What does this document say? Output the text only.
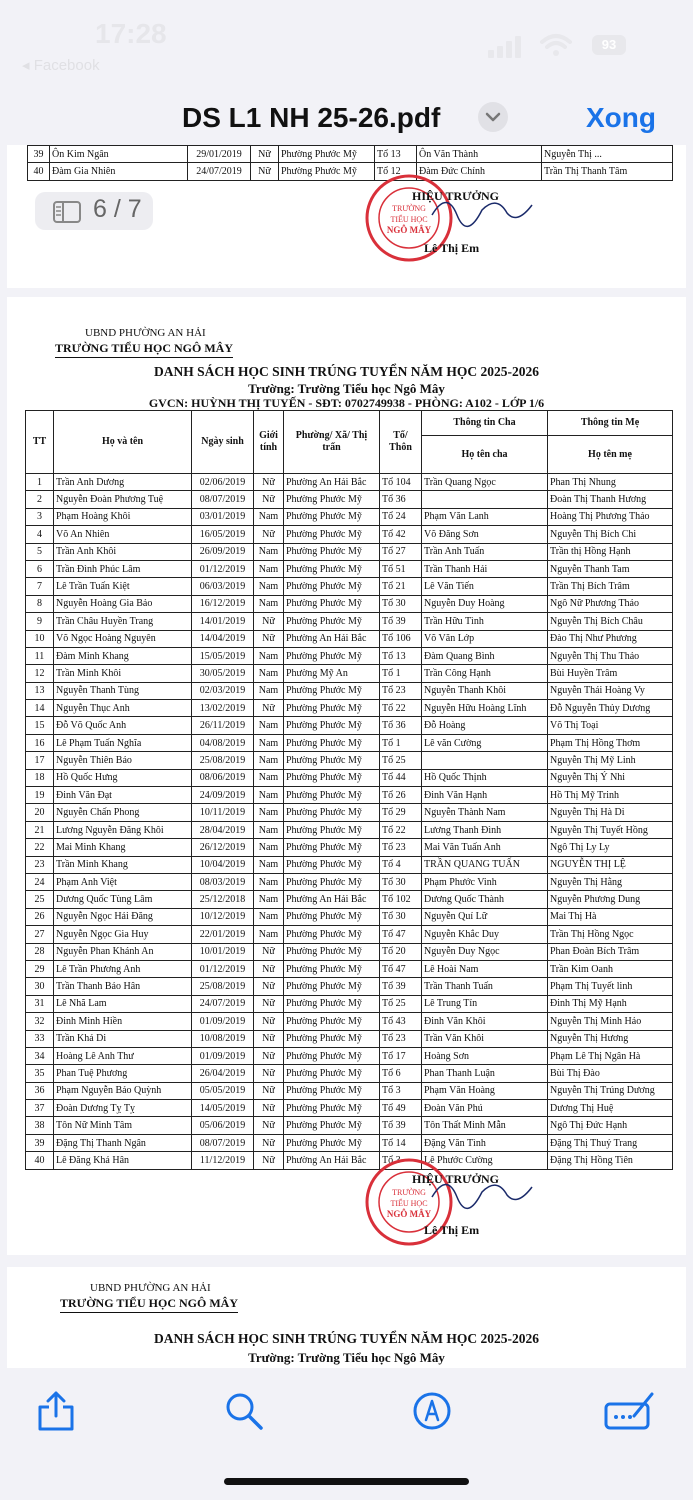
17:28
◂ Facebook
93
DS L1 NH 25-26.pdf	Xong
39	Ôn Kim Ngân	29/01/2019	Nữ	Phường Phước Mỹ	Tổ 13	Ôn Văn Thành	Nguyễn Thị ...
40	Đàm Gia Nhiên	24/07/2019	Nữ	Phường Phước Mỹ	Tổ 12	Đàm Đức Chính	Trần Thị Thanh Tâm
TRƯỜNG
TIỂU HỌC
NGÔ MÂY
HIỆU TRƯỞNG
Lê Thị Em
6 / 7
UBND PHƯỜNG AN HẢI
TRƯỜNG TIỂU HỌC NGÔ MÂY
DANH SÁCH HỌC SINH TRÚNG TUYỂN NĂM HỌC 2025-2026
Trường: Trường Tiểu học Ngô Mây
GVCN: HUỲNH THỊ TUYẾN - SĐT: 0702749938 - PHÒNG: A102 - LỚP 1/6
TT	Họ và tên	Ngày sinh	Giới tính	Phường/ Xã/ Thị trấn	Tổ/ Thôn	Thông tin Cha	Thông tin Mẹ
						Họ tên cha	Họ tên mẹ
1	Trần Anh Dương	02/06/2019	Nữ	Phường An Hải Bắc	Tổ 104	Trần Quang Ngọc	Phan Thị Nhung
2	Nguyễn Đoàn Phương Tuệ	08/07/2019	Nữ	Phường Phước Mỹ	Tổ 36		Đoàn Thị Thanh Hương
3	Phạm Hoàng Khôi	03/01/2019	Nam	Phường Phước Mỹ	Tổ 24	Phạm Văn Lanh	Hoàng Thị Phương Thảo
4	Võ An Nhiên	16/05/2019	Nữ	Phường Phước Mỹ	Tổ 42	Võ Đăng Sơn	Nguyễn Thị Bích Chi
5	Trần Anh Khôi	26/09/2019	Nam	Phường Phước Mỹ	Tổ 27	Trần Anh Tuấn	Trần thị Hồng Hạnh
6	Trần Đình Phúc Lâm	01/12/2019	Nam	Phường Phước Mỹ	Tổ 51	Trần Thanh Hải	Nguyễn Thanh Tam
7	Lê Trần Tuấn Kiệt	06/03/2019	Nam	Phường Phước Mỹ	Tổ 21	Lê Văn Tiến	Trần Thị Bích Trâm
8	Nguyễn Hoàng Gia Bảo	16/12/2019	Nam	Phường Phước Mỹ	Tổ 30	Nguyễn Duy Hoàng	Ngô Nữ Phương Thảo
9	Trần Châu Huyền Trang	14/01/2019	Nữ	Phường Phước Mỹ	Tổ 39	Trần Hữu Tình	Nguyễn Thị Bích Châu
10	Võ Ngọc Hoàng Nguyên	14/04/2019	Nữ	Phường An Hải Bắc	Tổ 106	Võ Văn Lớp	Đào Thị Như Phương
11	Đàm Minh Khang	15/05/2019	Nam	Phường Phước Mỹ	Tổ 13	Đàm Quang Bình	Nguyễn Thị Thu Thảo
12	Trần Minh Khôi	30/05/2019	Nam	Phường Mỹ An	Tổ 1	Trần Công Hạnh	Bùi Huyền Trâm
13	Nguyễn Thanh Tùng	02/03/2019	Nam	Phường Phước Mỹ	Tổ 23	Nguyễn Thanh Khôi	Nguyễn Thái Hoàng Vy
14	Nguyễn Thục Anh	13/02/2019	Nữ	Phường Phước Mỹ	Tổ 22	Nguyễn Hữu Hoàng Lĩnh	Đỗ Nguyễn Thủy Dương
15	Đỗ Võ Quốc Anh	26/11/2019	Nam	Phường Phước Mỹ	Tổ 36	Đỗ Hoàng	Võ Thị Toại
16	Lê Phạm Tuấn Nghĩa	04/08/2019	Nam	Phường Phước Mỹ	Tổ 1	Lê văn Cường	Phạm Thị Hồng Thơm
17	Nguyễn Thiên Bảo	25/08/2019	Nam	Phường Phước Mỹ	Tổ 25		Nguyễn Thị Mỹ Linh
18	Hồ Quốc Hưng	08/06/2019	Nam	Phường Phước Mỹ	Tổ 44	Hồ Quốc Thịnh	Nguyễn Thị Ý Nhi
19	Đinh Văn Đạt	24/09/2019	Nam	Phường Phước Mỹ	Tổ 26	Đinh Văn Hạnh	Hồ Thị Mỹ Trinh
20	Nguyễn Chấn Phong	10/11/2019	Nam	Phường Phước Mỹ	Tổ 29	Nguyễn Thành Nam	Nguyễn Thị Hà Di
21	Lương Nguyễn Đăng Khôi	28/04/2019	Nam	Phường Phước Mỹ	Tổ 22	Lương Thanh Đình	Nguyễn Thị Tuyết Hồng
22	Mai Minh Khang	26/12/2019	Nam	Phường Phước Mỹ	Tổ 23	Mai Văn Tuấn Anh	Ngô Thị Ly Ly
23	Trần Minh Khang	10/04/2019	Nam	Phường Phước Mỹ	Tổ 4	TRẦN QUANG TUẤN	NGUYỄN THỊ LỆ
24	Phạm Anh Việt	08/03/2019	Nam	Phường Phước Mỹ	Tổ 30	Phạm Phước Vinh	Nguyễn Thị Hằng
25	Dương Quốc Tùng Lâm	25/12/2018	Nam	Phường An Hải Bắc	Tổ 102	Dương Quốc Thành	Nguyễn Phương Dung
26	Nguyễn Ngọc Hải Đăng	10/12/2019	Nam	Phường Phước Mỹ	Tổ 30	Nguyễn Quí Lữ	Mai Thị Hà
27	Nguyễn Ngọc Gia Huy	22/01/2019	Nam	Phường Phước Mỹ	Tổ 47	Nguyễn Khắc Duy	Trần Thị Hồng Ngọc
28	Nguyễn Phan Khánh An	10/01/2019	Nữ	Phường Phước Mỹ	Tổ 20	Nguyễn Duy Ngọc	Phan Đoàn Bích Trâm
29	Lê Trần Phương Anh	01/12/2019	Nữ	Phường Phước Mỹ	Tổ 47	Lê Hoài Nam	Trần Kim Oanh
30	Trần Thanh Bảo Hân	25/08/2019	Nữ	Phường Phước Mỹ	Tổ 39	Trần Thanh Tuấn	Phạm Thị Tuyết linh
31	Lê Nhã Lam	24/07/2019	Nữ	Phường Phước Mỹ	Tổ 25	Lê Trung Tín	Đinh Thị Mỹ Hạnh
32	Đinh Minh Hiền	01/09/2019	Nữ	Phường Phước Mỹ	Tổ 43	Đinh Văn Khôi	Nguyễn Thị Minh Hảo
33	Trần Khả Di	10/08/2019	Nữ	Phường Phước Mỹ	Tổ 23	Trần Văn Khôi	Nguyễn Thị Hương
34	Hoàng Lê Anh Thư	01/09/2019	Nữ	Phường Phước Mỹ	Tổ 17	Hoàng Sơn	Phạm Lê Thị Ngân Hà
35	Phan Tuệ Phương	26/04/2019	Nữ	Phường Phước Mỹ	Tổ 6	Phan Thanh Luận	Bùi Thị Đào
36	Phạm Nguyễn Bảo Quỳnh	05/05/2019	Nữ	Phường Phước Mỹ	Tổ 3	Phạm Văn Hoàng	Nguyễn Thị Trúng Dương
37	Đoàn Dương Tỵ Tỵ	14/05/2019	Nữ	Phường Phước Mỹ	Tổ 49	Đoàn Văn Phú	Dương Thị Huệ
38	Tôn Nữ Minh Tâm	05/06/2019	Nữ	Phường Phước Mỹ	Tổ 39	Tôn Thất Minh Mẫn	Ngô Thị Đức Hạnh
39	Đặng Thị Thanh Ngân	08/07/2019	Nữ	Phường Phước Mỹ	Tổ 14	Đặng Văn Tình	Đặng Thị Thuý Trang
40	Lê Đăng Khả Hân	11/12/2019	Nữ	Phường An Hải Bắc	Tổ 3	Lê Phước Cường	Đặng Thị Hồng Tiên
TRƯỜNG
TIỂU HỌC
NGÔ MÂY
HIỆU TRƯỞNG
Lê Thị Em
UBND PHƯỜNG AN HẢI
TRƯỜNG TIỂU HỌC NGÔ MÂY
DANH SÁCH HỌC SINH TRÚNG TUYỂN NĂM HỌC 2025-2026
Trường: Trường Tiểu học Ngô Mây
